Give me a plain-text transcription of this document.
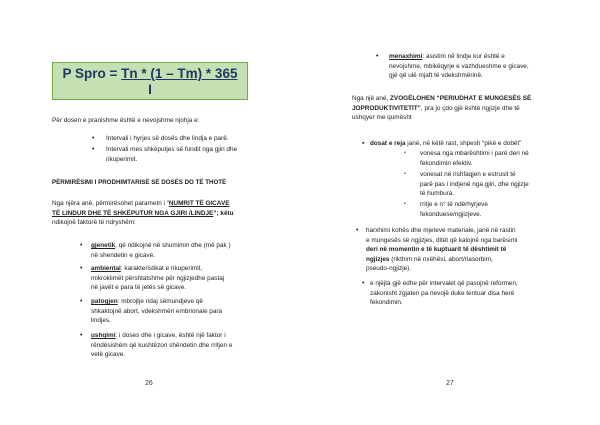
P Spro = Tn * (1 – Tm) * 365
I
Për dosen e pranishme është e nevojshme njohja e:
• Intervali i hyrjes së dosës dhe lindja e parë.
• Intervali mes shkëputjes së fundit nga gjiri dhe
rikuperimit.
PËRMIRËSIMI I PRODHIMTARISË SË DOSËS DO TË THOTË
Nga njëra anë, përmirësohet parametri i “NUMRIT TË GICAVE
TË LINDUR DHE TË SHKËPUTUR NGA GJIRI /LINDJE”; këtu
ndikojnë faktorë të ndryshëm:
• gjenetik, që ndikojnë në shumimin dhe (më pak )
në shendetin e gicave.
• ambiental: karakteristikat e rikuperimit,
mikroklimët përshtatshme për ngjizjedhe pastaj
në javët e para të jetës së gicave.
• patogjen: mbrojtje ndaj sëmundjeve që
shkaktojnë abort, vdekshmëri embrionale para
lindjes.
• ushqimi: i doses dhe i gicave, është një faktor i
rëndësishëm që kushtëzon shëndetin dhe rritjen e
vetë gicave.
26
• menaxhimi: asistim në lindje kur është e
nevojshme, mbikëqyrje e vazhdueshme e gicave,
gjë që ulë mjaft të vdekshmërinë.
Nga një anë, ZVOGËLOHEN “PERIUDHAT E MUNGESËS SË
JOPRODUKTIVITETIT”, pra jo çdo gjë është ngjizje dhe të
ushqyer me qumësht
▪ dosat e reja janë, në këtë rast, shpesh “pikë e dobët”
• vonesa nga mbarështimi i parë deri në
fekondimin efektiv.
• vonesat në rishfaqjen e estrusit të
parë pas i indjenë nga gjiri, dhe ngjizje
të humbura.
• rritje e n° të ndërhyrjeve
fekonduese/ngjizjeve.
• harxhimi kohës dhe mjeteve materiale, janë në rastin
e mungesës së ngjizjes, ditët që kalojnë nga barësimi
deri në momentin e të kuptuarit të dështimit të
ngjizjes (rikthim në nxëhësi, abort/riasorbim,
pseudo-ngjizje).
• e njëjta gjë edhe për intervalet që pasojnë reformen,
zakonisht zgjaten pa nevojë duke tentuar disa herë
fekondimin.
27
